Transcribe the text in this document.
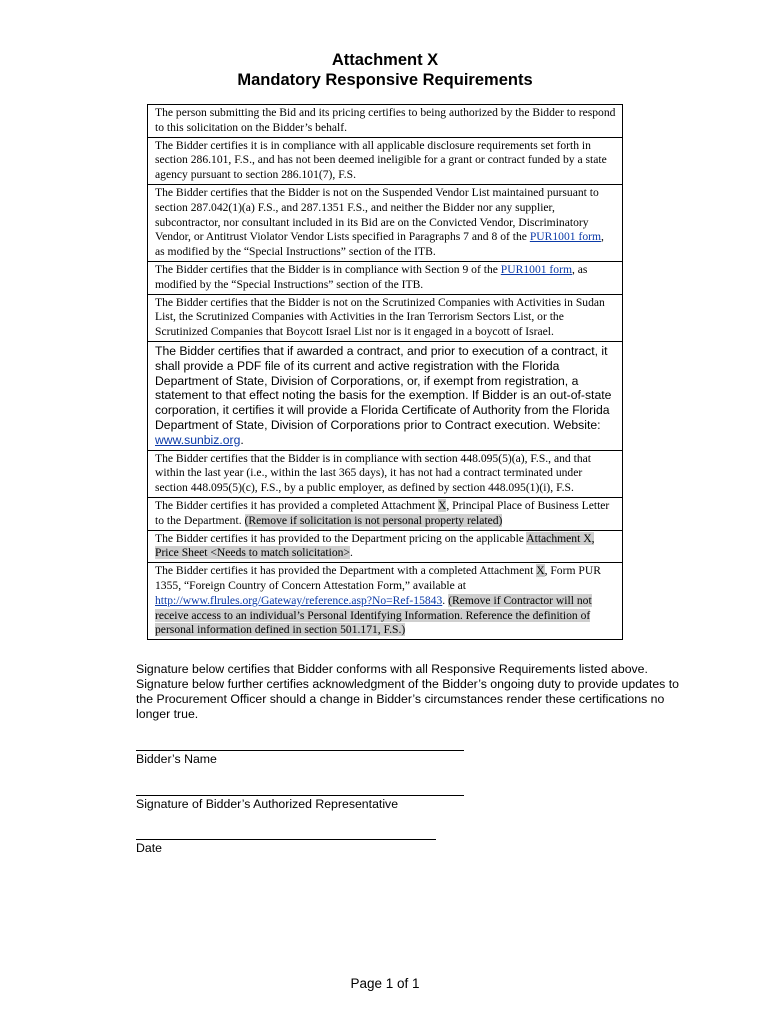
Attachment X
Mandatory Responsive Requirements
The person submitting the Bid and its pricing certifies to being authorized by the Bidder to respond to this solicitation on the Bidder’s behalf.
The Bidder certifies it is in compliance with all applicable disclosure requirements set forth in section 286.101, F.S., and has not been deemed ineligible for a grant or contract funded by a state agency pursuant to section 286.101(7), F.S.
The Bidder certifies that the Bidder is not on the Suspended Vendor List maintained pursuant to section 287.042(1)(a) F.S., and 287.1351 F.S., and neither the Bidder nor any supplier, subcontractor, nor consultant included in its Bid are on the Convicted Vendor, Discriminatory Vendor, or Antitrust Violator Vendor Lists specified in Paragraphs 7 and 8 of the PUR1001 form, as modified by the “Special Instructions” section of the ITB.
The Bidder certifies that the Bidder is in compliance with Section 9 of the PUR1001 form, as modified by the “Special Instructions” section of the ITB.
The Bidder certifies that the Bidder is not on the Scrutinized Companies with Activities in Sudan List, the Scrutinized Companies with Activities in the Iran Terrorism Sectors List, or the Scrutinized Companies that Boycott Israel List nor is it engaged in a boycott of Israel.
The Bidder certifies that if awarded a contract, and prior to execution of a contract, it shall provide a PDF file of its current and active registration with the Florida Department of State, Division of Corporations, or, if exempt from registration, a statement to that effect noting the basis for the exemption. If Bidder is an out-of-state corporation, it certifies it will provide a Florida Certificate of Authority from the Florida Department of State, Division of Corporations prior to Contract execution. Website: www.sunbiz.org.
The Bidder certifies that the Bidder is in compliance with section 448.095(5)(a), F.S., and that within the last year (i.e., within the last 365 days), it has not had a contract terminated under section 448.095(5)(c), F.S., by a public employer, as defined by section 448.095(1)(i), F.S.
The Bidder certifies it has provided a completed Attachment X, Principal Place of Business Letter to the Department. (Remove if solicitation is not personal property related)
The Bidder certifies it has provided to the Department pricing on the applicable Attachment X, Price Sheet <Needs to match solicitation>.
The Bidder certifies it has provided the Department with a completed Attachment X, Form PUR 1355, “Foreign Country of Concern Attestation Form,” available at http://www.flrules.org/Gateway/reference.asp?No=Ref-15843. (Remove if Contractor will not receive access to an individual’s Personal Identifying Information. Reference the definition of personal information defined in section 501.171, F.S.)

Signature below certifies that Bidder conforms with all Responsive Requirements listed above.

Signature below further certifies acknowledgment of the Bidder’s ongoing duty to provide updates to the Procurement Officer should a change in Bidder’s circumstances render these certifications no longer true.

Bidder’s Name
Signature of Bidder’s Authorized Representative
Date
Page 1 of 1
